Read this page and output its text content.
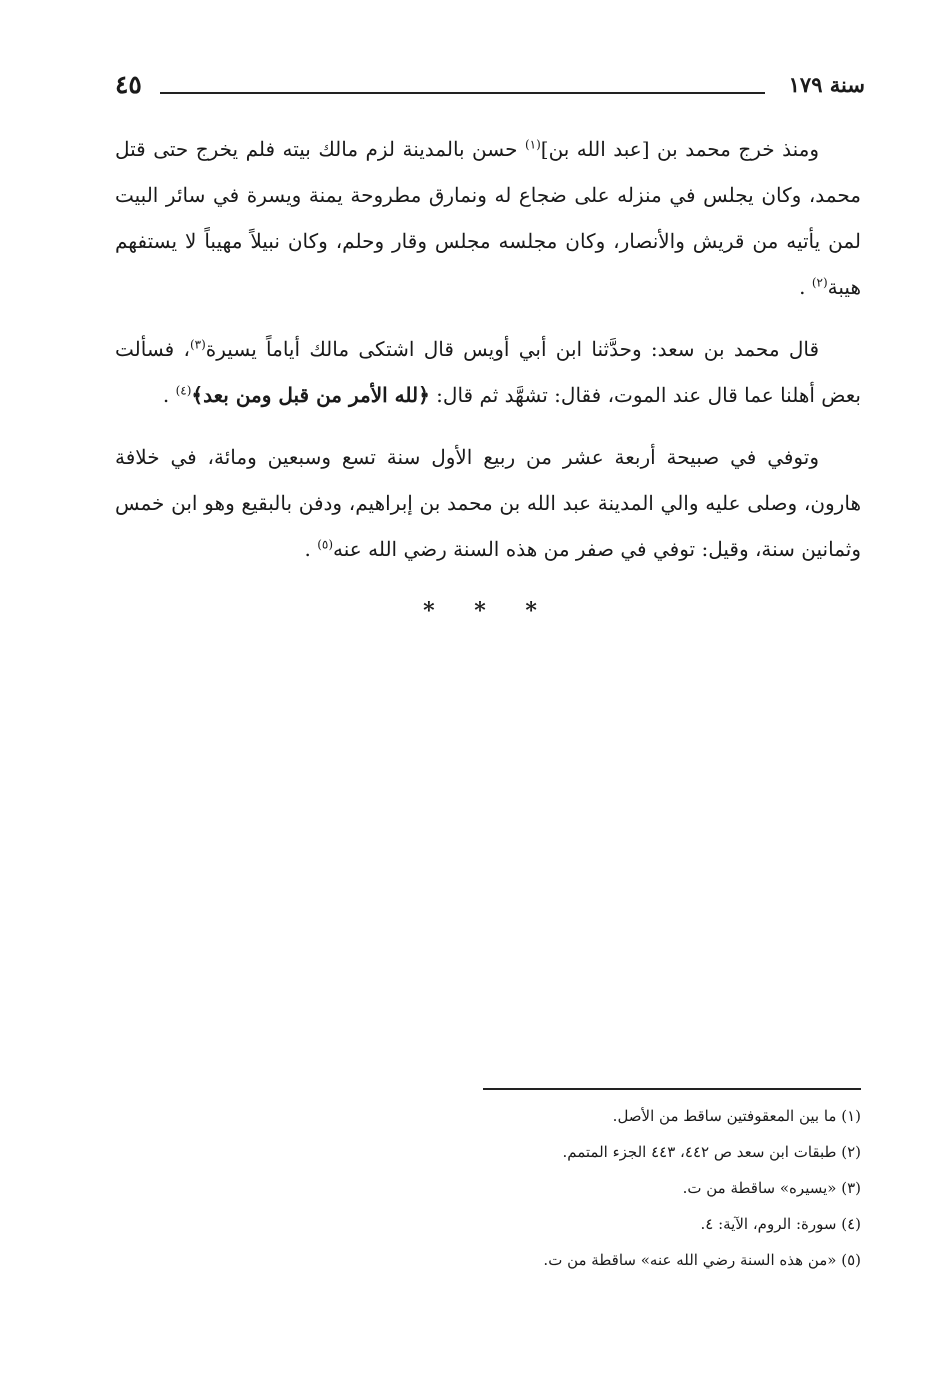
سنة ١٧٩
٤٥

ومنذ خرج محمد بن [عبد الله بن]$^{(١)}$ حسن بالمدينة لزم مالك بيته فلم يخرج حتى قتل محمد، وكان يجلس في منزله على ضجاع له ونمارق مطروحة يمنة ويسرة في سائر البيت لمن يأتيه من قريش والأنصار، وكان مجلسه مجلس وقار وحلم، وكان نبيلاً مهيباً لا يستفهم هيبة$^{(٢)}$ .

قال محمد بن سعد: وحدَّثنا ابن أبي أويس قال اشتكى مالك أياماً يسيرة$^{(٣)}$، فسألت بعض أهلنا عما قال عند الموت، فقال: تشهَّد ثم قال: ﴿لله الأمر من قبل ومن بعد﴾$^{(٤)}$ .

وتوفي في صبيحة أربعة عشر من ربيع الأول سنة تسع وسبعين ومائة، في خلافة هارون، وصلى عليه والي المدينة عبد الله بن محمد بن إبراهيم، ودفن بالبقيع وهو ابن خمس وثمانين سنة، وقيل: توفي في صفر من هذه السنة رضي الله عنه$^{(٥)}$ .

* * *
(١) ما بين المعقوفتين ساقط من الأصل.
(٢) طبقات ابن سعد ص ٤٤٢، ٤٤٣ الجزء المتمم.
(٣) «يسيره» ساقطة من ت.
(٤) سورة: الروم، الآية: ٤.
(٥) «من هذه السنة رضي الله عنه» ساقطة من ت.
